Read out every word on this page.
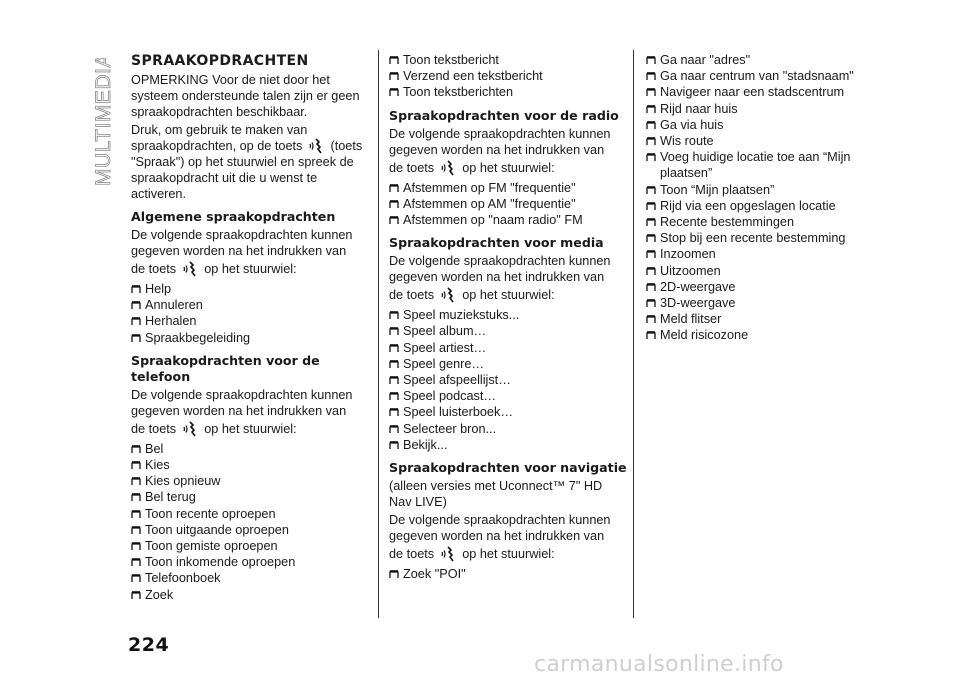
MULTIMEDIA SPRAAKOPDRACHTEN

OPMERKING Voor de niet door het systeem ondersteunde talen zijn er geen spraakopdrachten beschikbaar.

Druk, om gebruik te maken van spraakopdrachten, op de toets (toets "Spraak") op het stuurwiel en spreek de spraakopdracht uit die u wenst te activeren.

Algemene spraakopdrachten

De volgende spraakopdrachten kunnen gegeven worden na het indrukken van

de toets op het stuurwiel:

Help
Annuleren
Herhalen
Spraakbegeleiding
Spraakopdrachten voor de telefoon

De volgende spraakopdrachten kunnen gegeven worden na het indrukken van

de toets op het stuurwiel:

Bel
Kies
Kies opnieuw
Bel terug
Toon recente oproepen
Toon uitgaande oproepen
Toon gemiste oproepen
Toon inkomende oproepen
Telefoonboek
Zoek
Toon tekstbericht
Verzend een tekstbericht
Toon tekstberichten
Spraakopdrachten voor de radio

De volgende spraakopdrachten kunnen gegeven worden na het indrukken van

de toets op het stuurwiel:

Afstemmen op FM "frequentie"
Afstemmen op AM "frequentie"
Afstemmen op "naam radio" FM
Spraakopdrachten voor media

De volgende spraakopdrachten kunnen gegeven worden na het indrukken van

de toets op het stuurwiel:

Speel muziekstuks...
Speel album…
Speel artiest…
Speel genre…
Speel afspeellijst…
Speel podcast…
Speel luisterboek…
Selecteer bron...
Bekijk...
Spraakopdrachten voor navigatie

(alleen versies met Uconnect™ 7" HD Nav LIVE)

De volgende spraakopdrachten kunnen gegeven worden na het indrukken van

de toets op het stuurwiel:

Zoek "POI"
Ga naar "adres"
Ga naar centrum van "stadsnaam"
Navigeer naar een stadscentrum
Rijd naar huis
Ga via huis
Wis route
Voeg huidige locatie toe aan “Mijn plaatsen”
Toon “Mijn plaatsen”
Rijd via een opgeslagen locatie
Recente bestemmingen
Stop bij een recente bestemming
Inzoomen
Uitzoomen
2D-weergave
3D-weergave
Meld flitser
Meld risicozone
224
carmanualsonline.info
